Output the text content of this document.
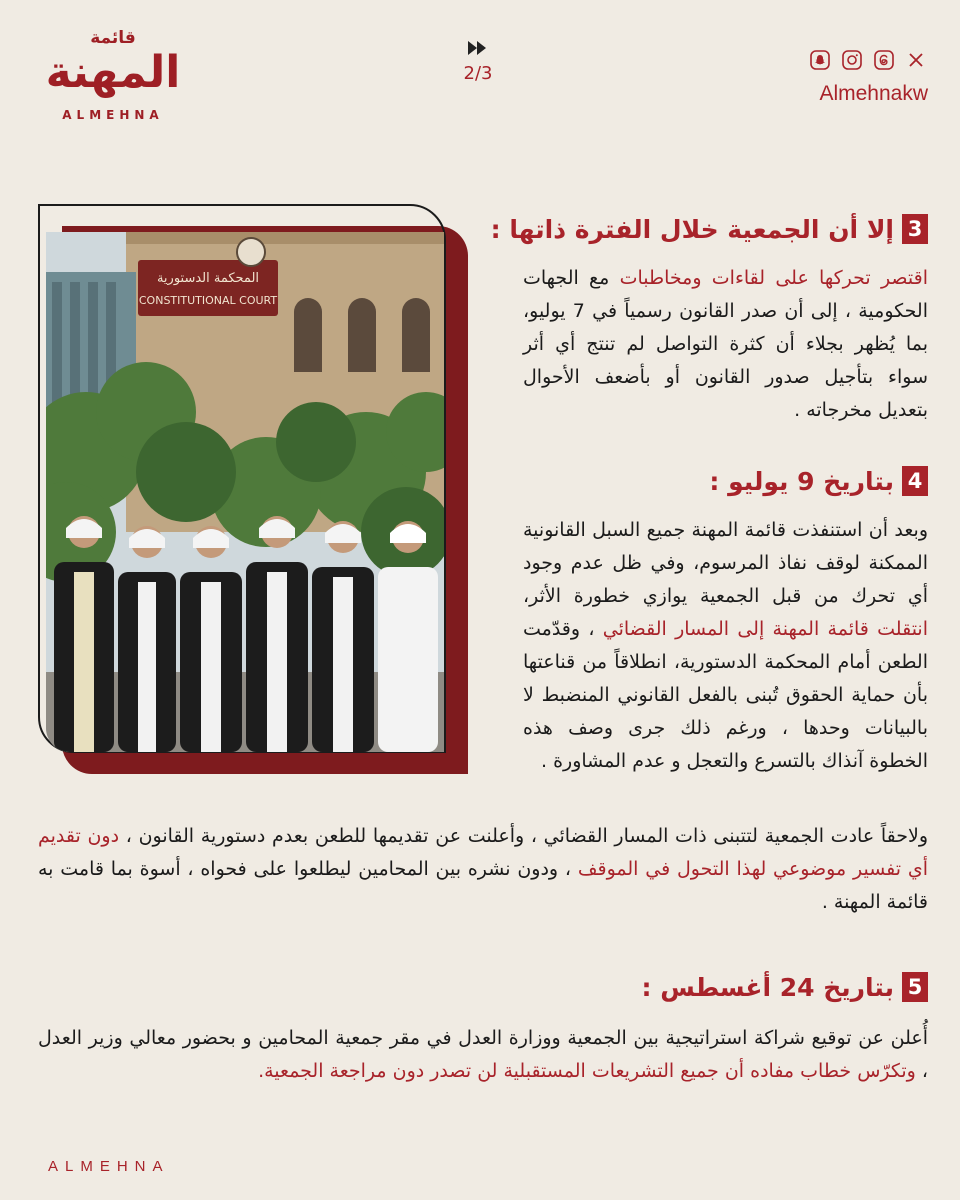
قائمة
المهنة
ALMEHNA
2/3
Almehnakw
المحكمة الدستورية
CONSTITUTIONAL COURT
3
إلا أن الجمعية خلال الفترة ذاتها :
اقتصر تحركها على لقاءات ومخاطبات مع الجهات الحكومية ، إلى أن صدر القانون رسمياً في 7 يوليو، بما يُظهر بجلاء أن كثرة التواصل لم تنتج أي أثر سواء بتأجيل صدور القانون أو بأضعف الأحوال بتعديل مخرجاته .
4
بتاريخ 9 يوليو :
وبعد أن استنفذت قائمة المهنة جميع السبل القانونية الممكنة لوقف نفاذ المرسوم، وفي ظل عدم وجود أي تحرك من قبل الجمعية يوازي خطورة الأثر، انتقلت قائمة المهنة إلى المسار القضائي ، وقدّمت الطعن أمام المحكمة الدستورية، انطلاقاً من قناعتها بأن حماية الحقوق تُبنى بالفعل القانوني المنضبط لا بالبيانات وحدها ، ورغم ذلك جرى وصف هذه الخطوة آنذاك بالتسرع والتعجل و عدم المشاورة .
ولاحقاً عادت الجمعية لتتبنى ذات المسار القضائي ، وأعلنت عن تقديمها للطعن بعدم دستورية القانون ، دون تقديم أي تفسير موضوعي لهذا التحول في الموقف ، ودون نشره بين المحامين ليطلعوا على فحواه ، أسوة بما قامت به قائمة المهنة .
5
بتاريخ 24 أغسطس :
أُعلن عن توقيع شراكة استراتيجية بين الجمعية ووزارة العدل في مقر جمعية المحامين و بحضور معالي وزير العدل ، وتكرّس خطاب مفاده أن جميع التشريعات المستقبلية لن تصدر دون مراجعة الجمعية.
ALMEHNA
